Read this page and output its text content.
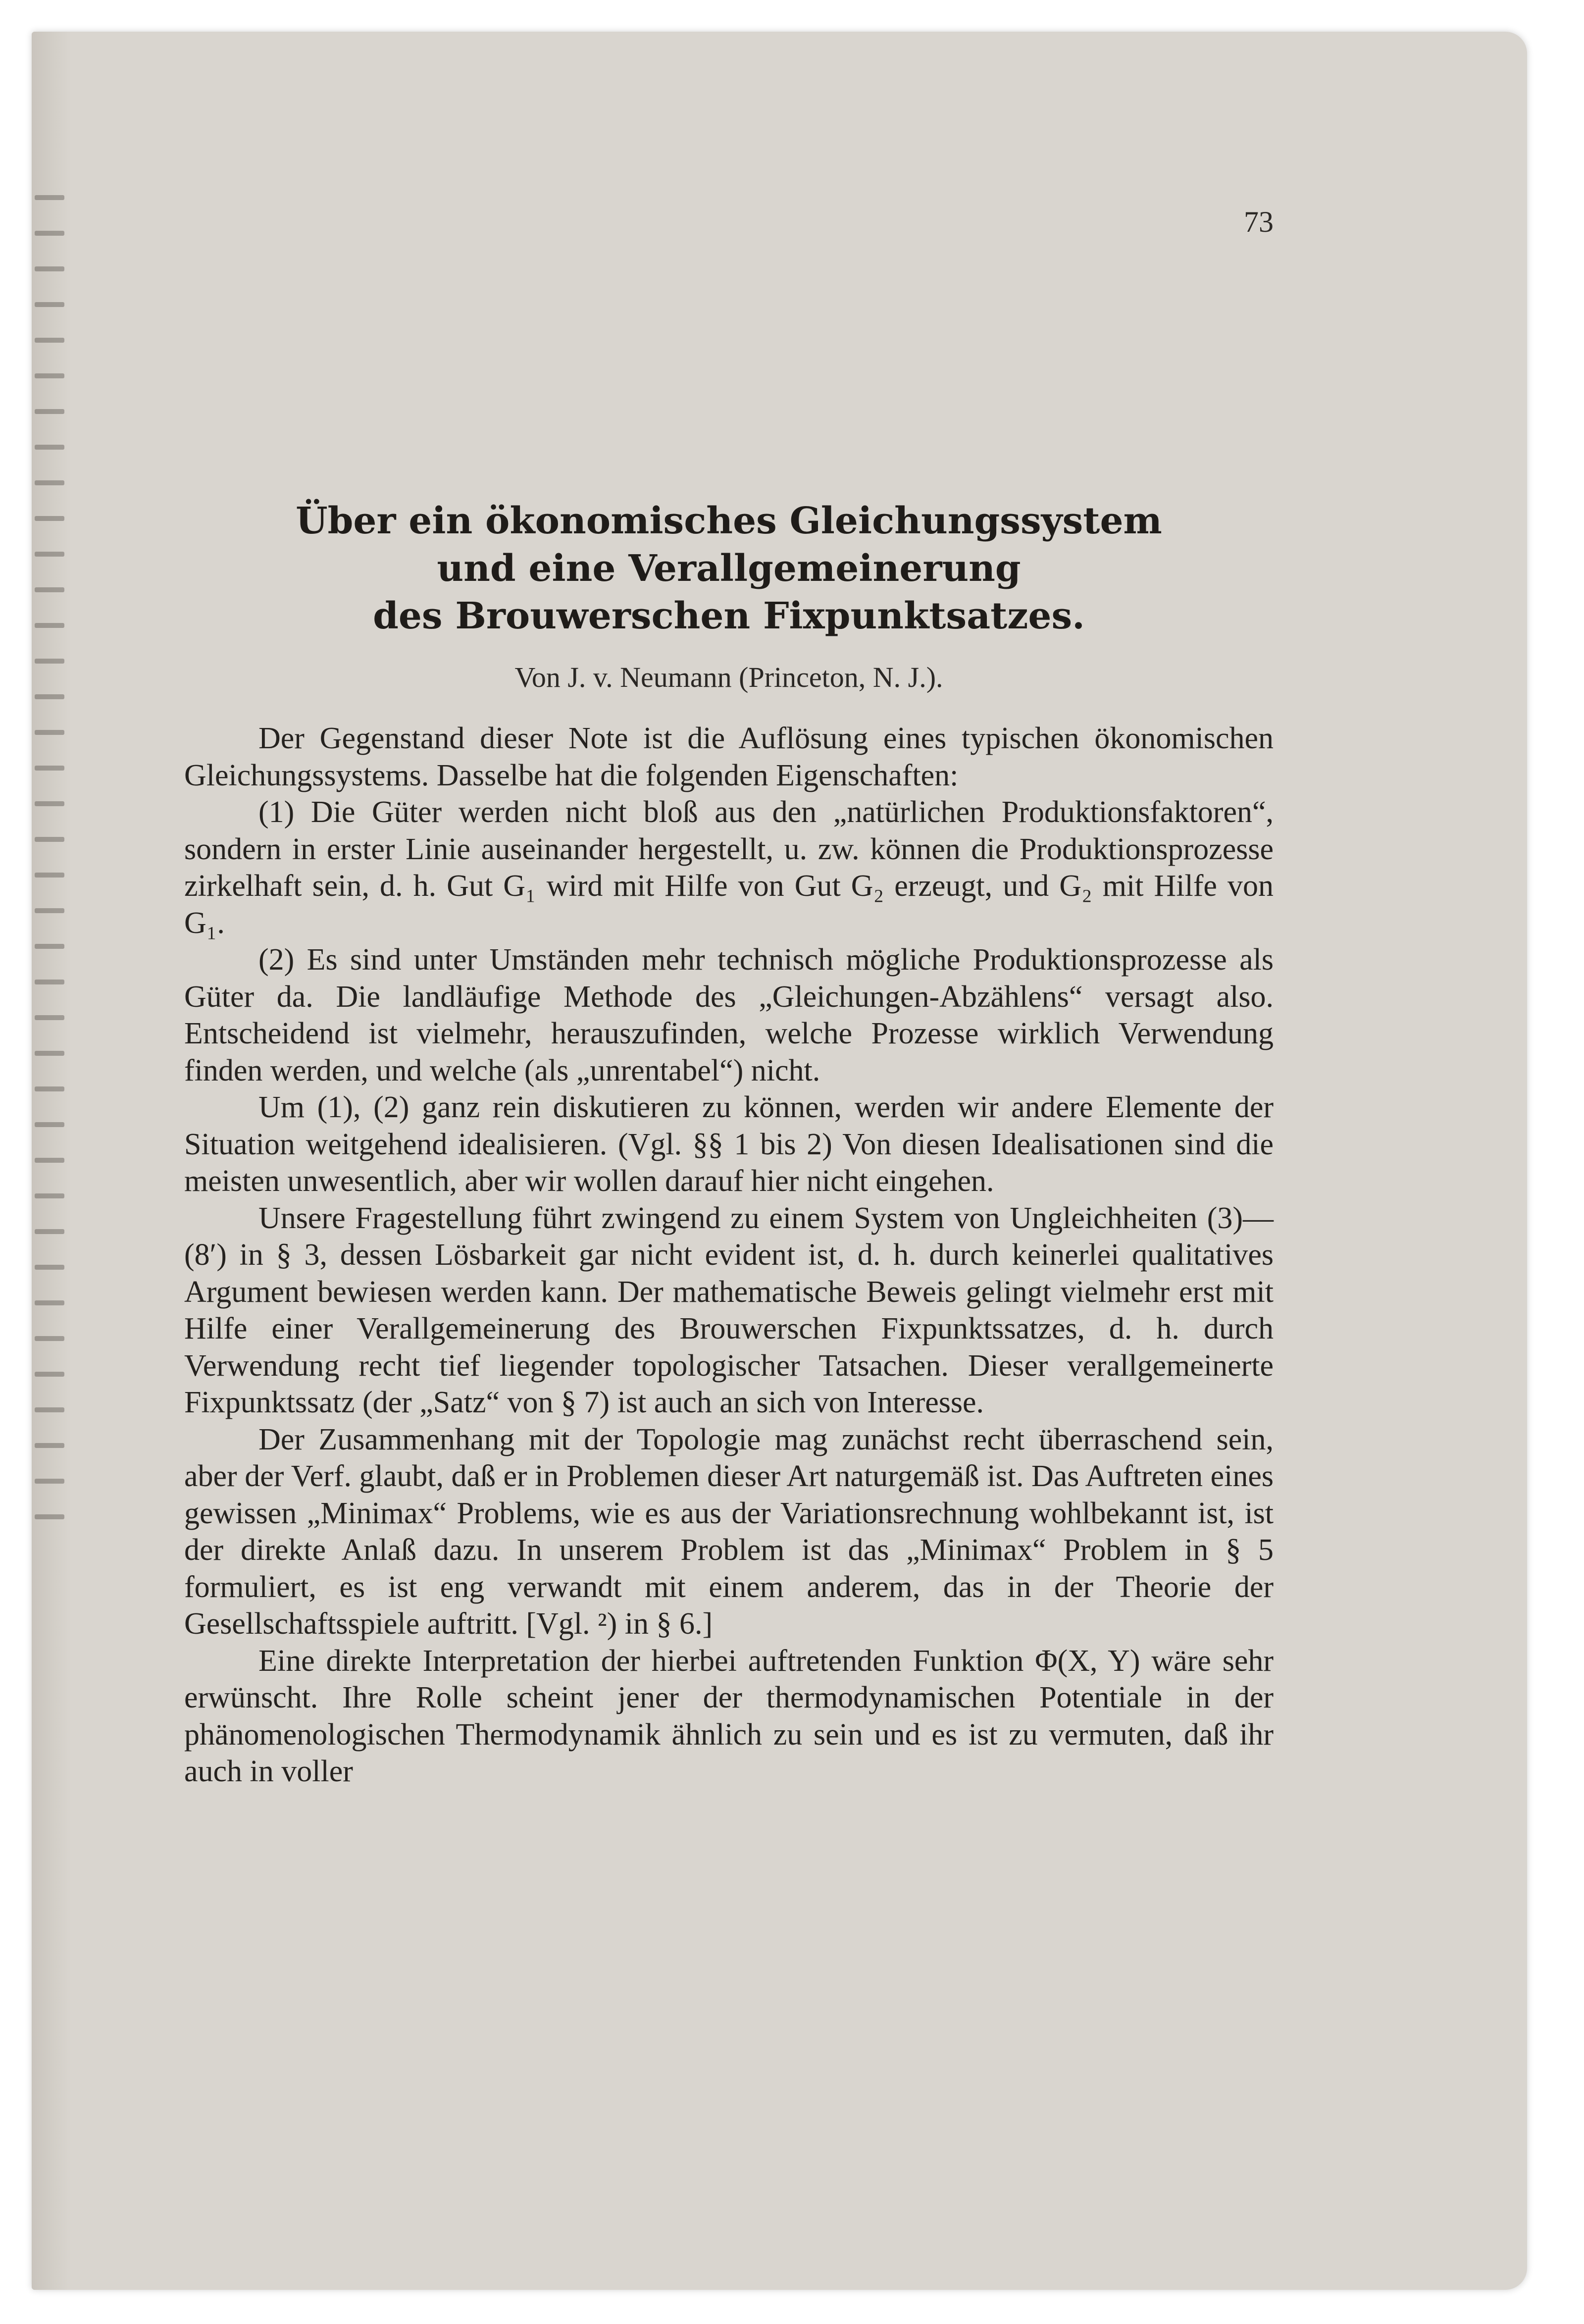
73
Über ein ökonomisches Gleichungssystem
und eine Verallgemeinerung
des Brouwerschen Fixpunktsatzes.
Von J. v. Neumann (Princeton, N. J.).

Der Gegenstand dieser Note ist die Auflösung eines typischen ökonomischen Gleichungssystems. Dasselbe hat die folgenden Eigenschaften:

(1) Die Güter werden nicht bloß aus den „natürlichen Produktionsfaktoren“, sondern in erster Linie auseinander hergestellt, u. zw. können die Produktionsprozesse zirkelhaft sein, d. h. Gut G₁ wird mit Hilfe von Gut G₂ erzeugt, und G₂ mit Hilfe von G₁.

(2) Es sind unter Umständen mehr technisch mögliche Produktionsprozesse als Güter da. Die landläufige Methode des „Gleichungen-Abzählens“ versagt also. Entscheidend ist vielmehr, herauszufinden, welche Prozesse wirklich Verwendung finden werden, und welche (als „unrentabel“) nicht.

Um (1), (2) ganz rein diskutieren zu können, werden wir andere Elemente der Situation weitgehend idealisieren. (Vgl. §§ 1 bis 2) Von diesen Idealisationen sind die meisten unwesentlich, aber wir wollen darauf hier nicht eingehen.

Unsere Fragestellung führt zwingend zu einem System von Ungleichheiten (3)—(8′) in § 3, dessen Lösbarkeit gar nicht evident ist, d. h. durch keinerlei qualitatives Argument bewiesen werden kann. Der mathematische Beweis gelingt vielmehr erst mit Hilfe einer Verallgemeinerung des Brouwerschen Fixpunktssatzes, d. h. durch Verwendung recht tief liegender topologischer Tatsachen. Dieser verallgemeinerte Fixpunktssatz (der „Satz“ von § 7) ist auch an sich von Interesse.

Der Zusammenhang mit der Topologie mag zunächst recht überraschend sein, aber der Verf. glaubt, daß er in Problemen dieser Art naturgemäß ist. Das Auftreten eines gewissen „Minimax“ Problems, wie es aus der Variationsrechnung wohlbekannt ist, ist der direkte Anlaß dazu. In unserem Problem ist das „Minimax“ Problem in § 5 formuliert, es ist eng verwandt mit einem anderem, das in der Theorie der Gesellschaftsspiele auftritt. [Vgl. ²) in § 6.]

Eine direkte Interpretation der hierbei auftretenden Funktion Φ(X, Y) wäre sehr erwünscht. Ihre Rolle scheint jener der thermodynamischen Potentiale in der phänomenologischen Thermodynamik ähnlich zu sein und es ist zu vermuten, daß ihr auch in voller
